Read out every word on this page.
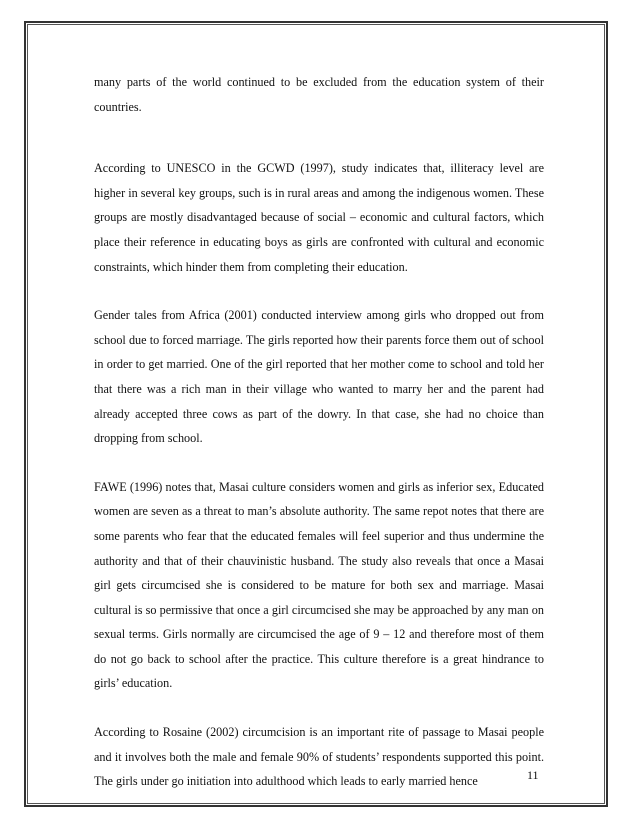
many parts of the world continued to be excluded from the education system of their countries.

According to UNESCO in the GCWD (1997), study indicates that, illiteracy level are higher in several key groups, such is in rural areas and among the indigenous women. These groups are mostly disadvantaged because of social – economic and cultural factors, which place their reference in educating boys as girls are confronted with cultural and economic constraints, which hinder them from completing their education.

Gender tales from Africa (2001) conducted interview among girls who dropped out from school due to forced marriage. The girls reported how their parents force them out of school in order to get married. One of the girl reported that her mother come to school and told her that there was a rich man in their village who wanted to marry her and the parent had already accepted three cows as part of the dowry. In that case, she had no choice than dropping from school.

FAWE (1996) notes that, Masai culture considers women and girls as inferior sex, Educated women are seven as a threat to man’s absolute authority. The same repot notes that there are some parents who fear that the educated females will feel superior and thus undermine the authority and that of their chauvinistic husband. The study also reveals that once a Masai girl gets circumcised she is considered to be mature for both sex and marriage. Masai cultural is so permissive that once a girl circumcised she may be approached by any man on sexual terms. Girls normally are circumcised the age of 9 – 12 and therefore most of them do not go back to school after the practice. This culture therefore is a great hindrance to girls’ education.

According to Rosaine (2002) circumcision is an important rite of passage to Masai people and it involves both the male and female 90% of students’ respondents supported this point. The girls under go initiation into adulthood which leads to early married hence	11
